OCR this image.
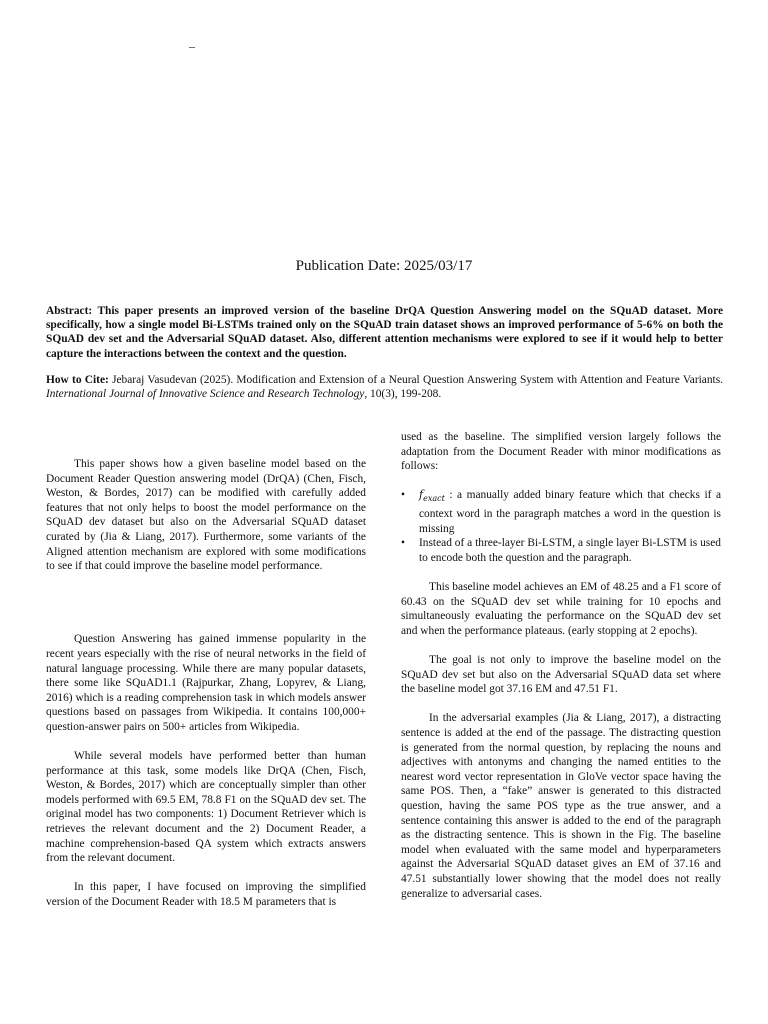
–
Publication Date: 2025/03/17

Abstract: This paper presents an improved version of the baseline DrQA Question Answering model on the SQuAD dataset. More specifically, how a single model Bi-LSTMs trained only on the SQuAD train dataset shows an improved performance of 5-6% on both the SQuAD dev set and the Adversarial SQuAD dataset. Also, different attention mechanisms were explored to see if it would help to better capture the interactions between the context and the question.

How to Cite: Jebaraj Vasudevan (2025). Modification and Extension of a Neural Question Answering System with Attention and Feature Variants. International Journal of Innovative Science and Research Technology, 10(3), 199-208.

This paper shows how a given baseline model based on the Document Reader Question answering model (DrQA) (Chen, Fisch, Weston, & Bordes, 2017) can be modified with carefully added features that not only helps to boost the model performance on the SQuAD dev dataset but also on the Adversarial SQuAD dataset curated by (Jia & Liang, 2017). Furthermore, some variants of the Aligned attention mechanism are explored with some modifications to see if that could improve the baseline model performance.

Question Answering has gained immense popularity in the recent years especially with the rise of neural networks in the field of natural language processing. While there are many popular datasets, there some like SQuAD1.1 (Rajpurkar, Zhang, Lopyrev, & Liang, 2016) which is a reading comprehension task in which models answer questions based on passages from Wikipedia. It contains 100,000+ question-answer pairs on 500+ articles from Wikipedia.

While several models have performed better than human performance at this task, some models like DrQA (Chen, Fisch, Weston, & Bordes, 2017) which are conceptually simpler than other models performed with 69.5 EM, 78.8 F1 on the SQuAD dev set. The original model has two components: 1) Document Retriever which is retrieves the relevant document and the 2) Document Reader, a machine comprehension-based QA system which extracts answers from the relevant document.

In this paper, I have focused on improving the simplified version of the Document Reader with 18.5 M parameters that is

used as the baseline. The simplified version largely follows the adaptation from the Document Reader with minor modifications as follows:

• $f_{exact}$ : a manually added binary feature which that checks if a context word in the paragraph matches a word in the question is missing
• Instead of a three-layer Bi-LSTM, a single layer Bi-LSTM is used to encode both the question and the paragraph.

This baseline model achieves an EM of 48.25 and a F1 score of 60.43 on the SQuAD dev set while training for 10 epochs and simultaneously evaluating the performance on the SQuAD dev set and when the performance plateaus. (early stopping at 2 epochs).

The goal is not only to improve the baseline model on the SQuAD dev set but also on the Adversarial SQuAD data set where the baseline model got 37.16 EM and 47.51 F1.

In the adversarial examples (Jia & Liang, 2017), a distracting sentence is added at the end of the passage. The distracting question is generated from the normal question, by replacing the nouns and adjectives with antonyms and changing the named entities to the nearest word vector representation in GloVe vector space having the same POS. Then, a “fake” answer is generated to this distracted question, having the same POS type as the true answer, and a sentence containing this answer is added to the end of the paragraph as the distracting sentence. This is shown in the Fig. The baseline model when evaluated with the same model and hyperparameters against the Adversarial SQuAD dataset gives an EM of 37.16 and 47.51 substantially lower showing that the model does not really generalize to adversarial cases.
